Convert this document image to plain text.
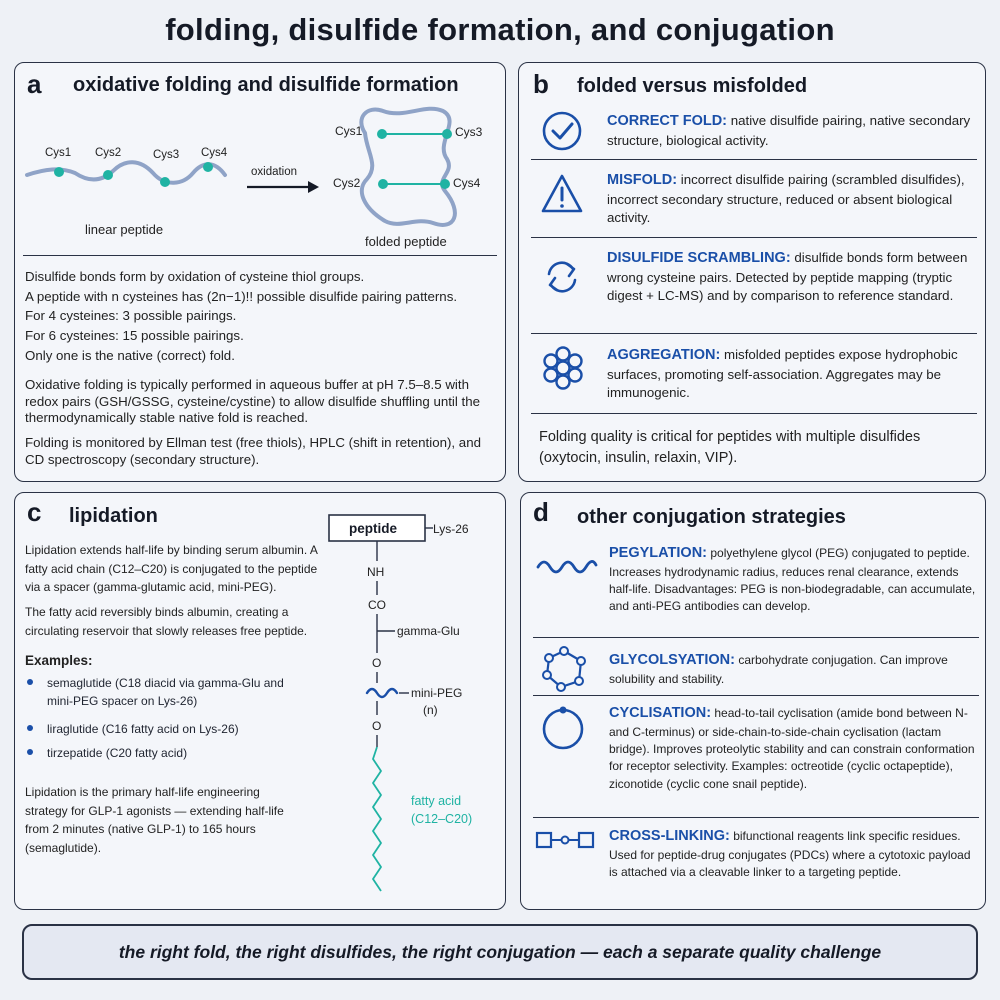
folding, disulfide formation, and conjugation
a oxidative folding and disulfide formation
Cys1 Cys2	Cys3 Cys4
linear peptide
oxidation
Cys1	Cys3
Cys2	Cys4
folded peptide
Disulfide bonds form by oxidation of cysteine thiol groups.
A peptide with n cysteines has (2n−1)!! possible disulfide pairing patterns.
For 4 cysteines: 3 possible pairings.
For 6 cysteines: 15 possible pairings.
Only one is the native (correct) fold.
Oxidative folding is typically performed in aqueous buffer at pH 7.5–8.5 with redox pairs (GSH/GSSG, cysteine/cystine) to allow disulfide shuffling until the thermodynamically stable native fold is reached.
Folding is monitored by Ellman test (free thiols), HPLC (shift in retention), and CD spectroscopy (secondary structure).
b folded versus misfolded
CORRECT FOLD: native disulfide pairing, native secondary structure, biological activity.
MISFOLD: incorrect disulfide pairing (scrambled disulfides), incorrect secondary structure, reduced or absent biological activity.
DISULFIDE SCRAMBLING: disulfide bonds form between wrong cysteine pairs. Detected by peptide mapping (tryptic digest + LC-MS) and by comparison to reference standard.
AGGREGATION: misfolded peptides expose hydrophobic surfaces, promoting self-association. Aggregates may be immunogenic.
Folding quality is critical for peptides with multiple disulfides (oxytocin, insulin, relaxin, VIP).
c lipidation
Lipidation extends half-life by binding serum albumin. A fatty acid chain (C12–C20) is conjugated to the peptide via a spacer (gamma-glutamic acid, mini-PEG).
The fatty acid reversibly binds albumin, creating a circulating reservoir that slowly releases free peptide.
Examples:
semaglutide (C18 diacid via gamma-Glu and mini-PEG spacer on Lys-26)
liraglutide (C16 fatty acid on Lys-26)
tirzepatide (C20 fatty acid)
Lipidation is the primary half-life engineering strategy for GLP-1 agonists — extending half-life from 2 minutes (native GLP-1) to 165 hours (semaglutide).
peptide	Lys-26
NH
CO
gamma-Glu
O
mini-PEG
(n)
O
fatty acid
(C12–C20)
d other conjugation strategies
PEGYLATION: polyethylene glycol (PEG) conjugated to peptide. Increases hydrodynamic radius, reduces renal clearance, extends half-life. Disadvantages: PEG is non-biodegradable, can accumulate, and anti-PEG antibodies can develop.
GLYCOLSYATION: carbohydrate conjugation. Can improve solubility and stability.
CYCLISATION: head-to-tail cyclisation (amide bond between N- and C-terminus) or side-chain-to-side-chain cyclisation (lactam bridge). Improves proteolytic stability and can constrain conformation for receptor selectivity. Examples: octreotide (cyclic octapeptide), ziconotide (cyclic cone snail peptide).
CROSS-LINKING: bifunctional reagents link specific residues. Used for peptide-drug conjugates (PDCs) where a cytotoxic payload is attached via a cleavable linker to a targeting peptide.
the right fold, the right disulfides, the right conjugation — each a separate quality challenge
